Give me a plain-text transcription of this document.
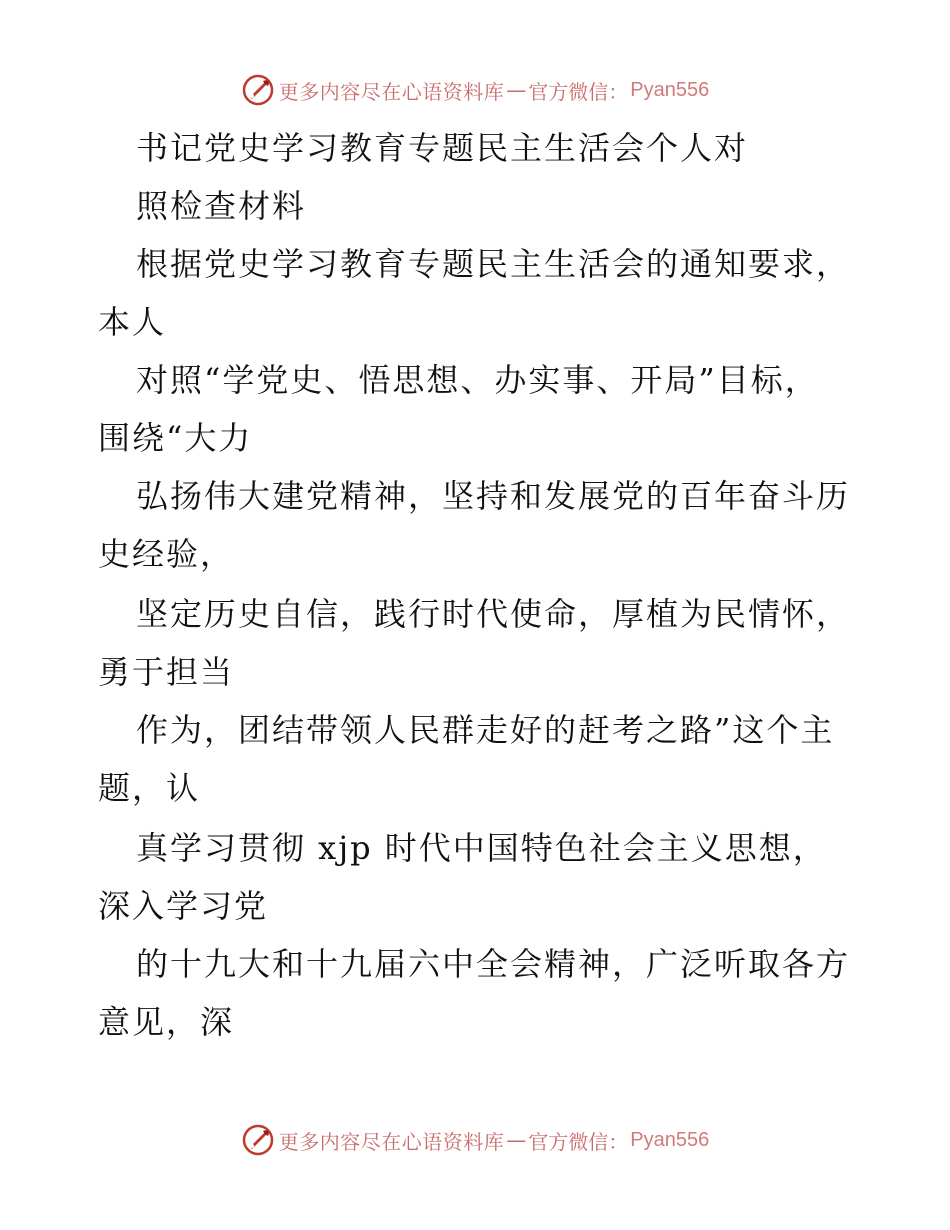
更多内容尽在心语资料库 — 官方微信： Pyan556
书记党史学习教育专题民主生活会个人对
照检查材料
根据党史学习教育专题民主生活会的通知要求，
本人
对照“学党史、悟思想、办实事、开局”目标，
围绕“大力
弘扬伟大建党精神，坚持和发展党的百年奋斗历
史经验，
坚定历史自信，践行时代使命，厚植为民情怀，
勇于担当
作为，团结带领人民群走好的赶考之路”这个主
题，认
真学习贯彻 xjp 时代中国特色社会主义思想，
深入学习党
的十九大和十九届六中全会精神，广泛听取各方
意见，深
更多内容尽在心语资料库 — 官方微信： Pyan556
